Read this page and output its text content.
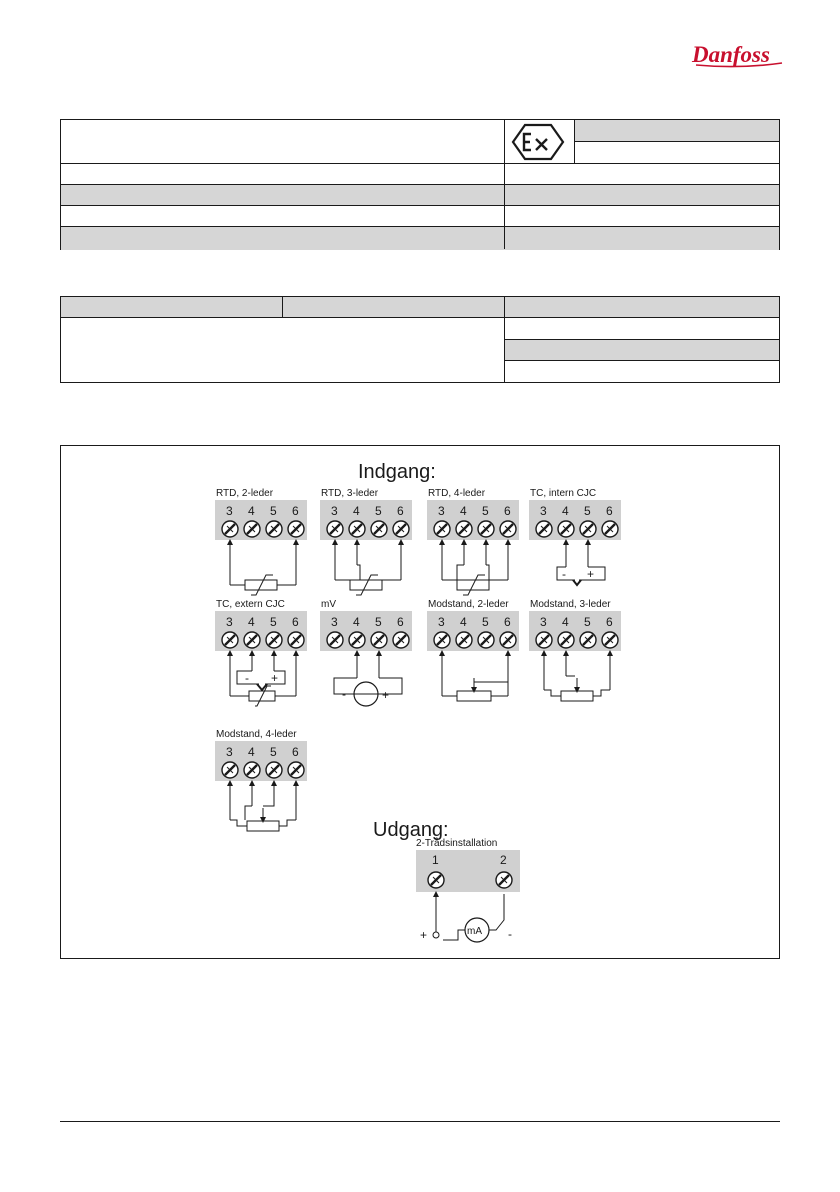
Danfoss
Indgang:
Udgang:
RTD, 2-leder
3 4 5 6
RTD, 3-leder
3 4 5 6
RTD, 4-leder
3 4 5 6
TC, intern CJC
3 4 5 6
- +
TC, extern CJC
3 4 5 6
- +
mV
3 4 5 6
-	+
Modstand, 2-leder
3 4 5 6
Modstand, 3-leder
3 4 5 6
Modstand, 4-leder
3 4 5 6
2-Trådsinstallation
1	2
mA
+	-
